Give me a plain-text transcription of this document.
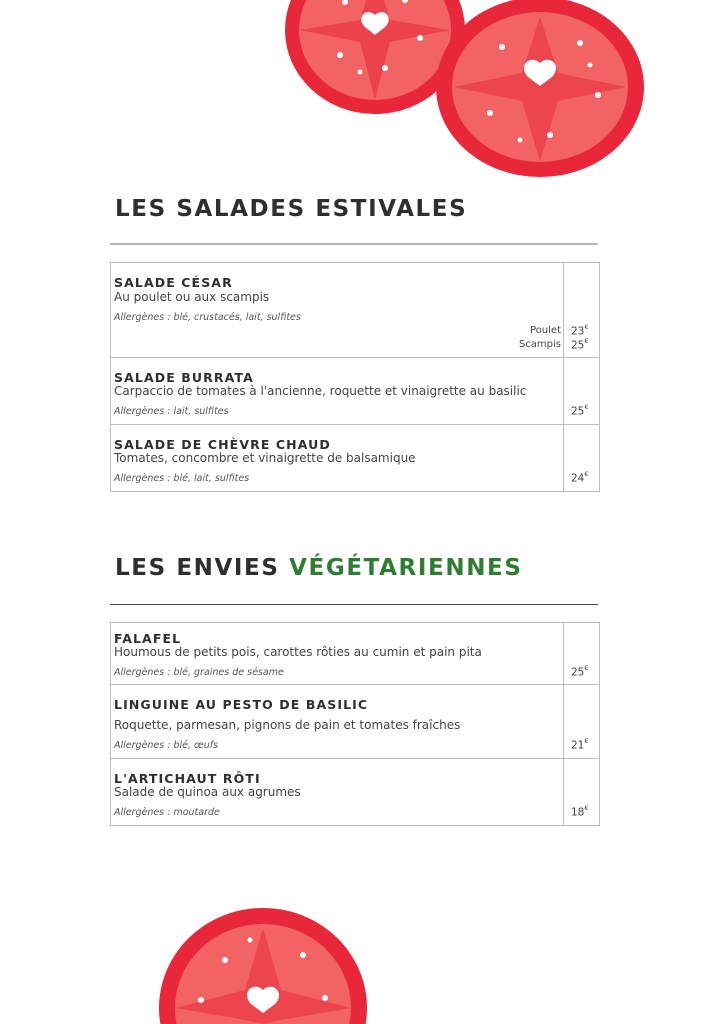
LES SALADES ESTIVALES
SALADE CÉSAR
Au poulet ou aux scampis
Allergènes : blé, crustacés, lait, sulfites
Poulet 23€
Scampis 25€
SALADE BURRATA
Carpaccio de tomates à l'ancienne, roquette et vinaigrette au basilic
Allergènes : lait, sulfites	25€
SALADE DE CHÈVRE CHAUD
Tomates, concombre et vinaigrette de balsamique
Allergènes : blé, lait, sulfites	24€
LES ENVIES VÉGÉTARIENNES
FALAFEL
Houmous de petits pois, carottes rôties au cumin et pain pita
Allergènes : blé, graines de sésame	25€
LINGUINE AU PESTO DE BASILIC
Roquette, parmesan, pignons de pain et tomates fraîches
Allergènes : blé, œufs	21€
L'ARTICHAUT RÔTI
Salade de quinoa aux agrumes
Allergènes : moutarde	18€
